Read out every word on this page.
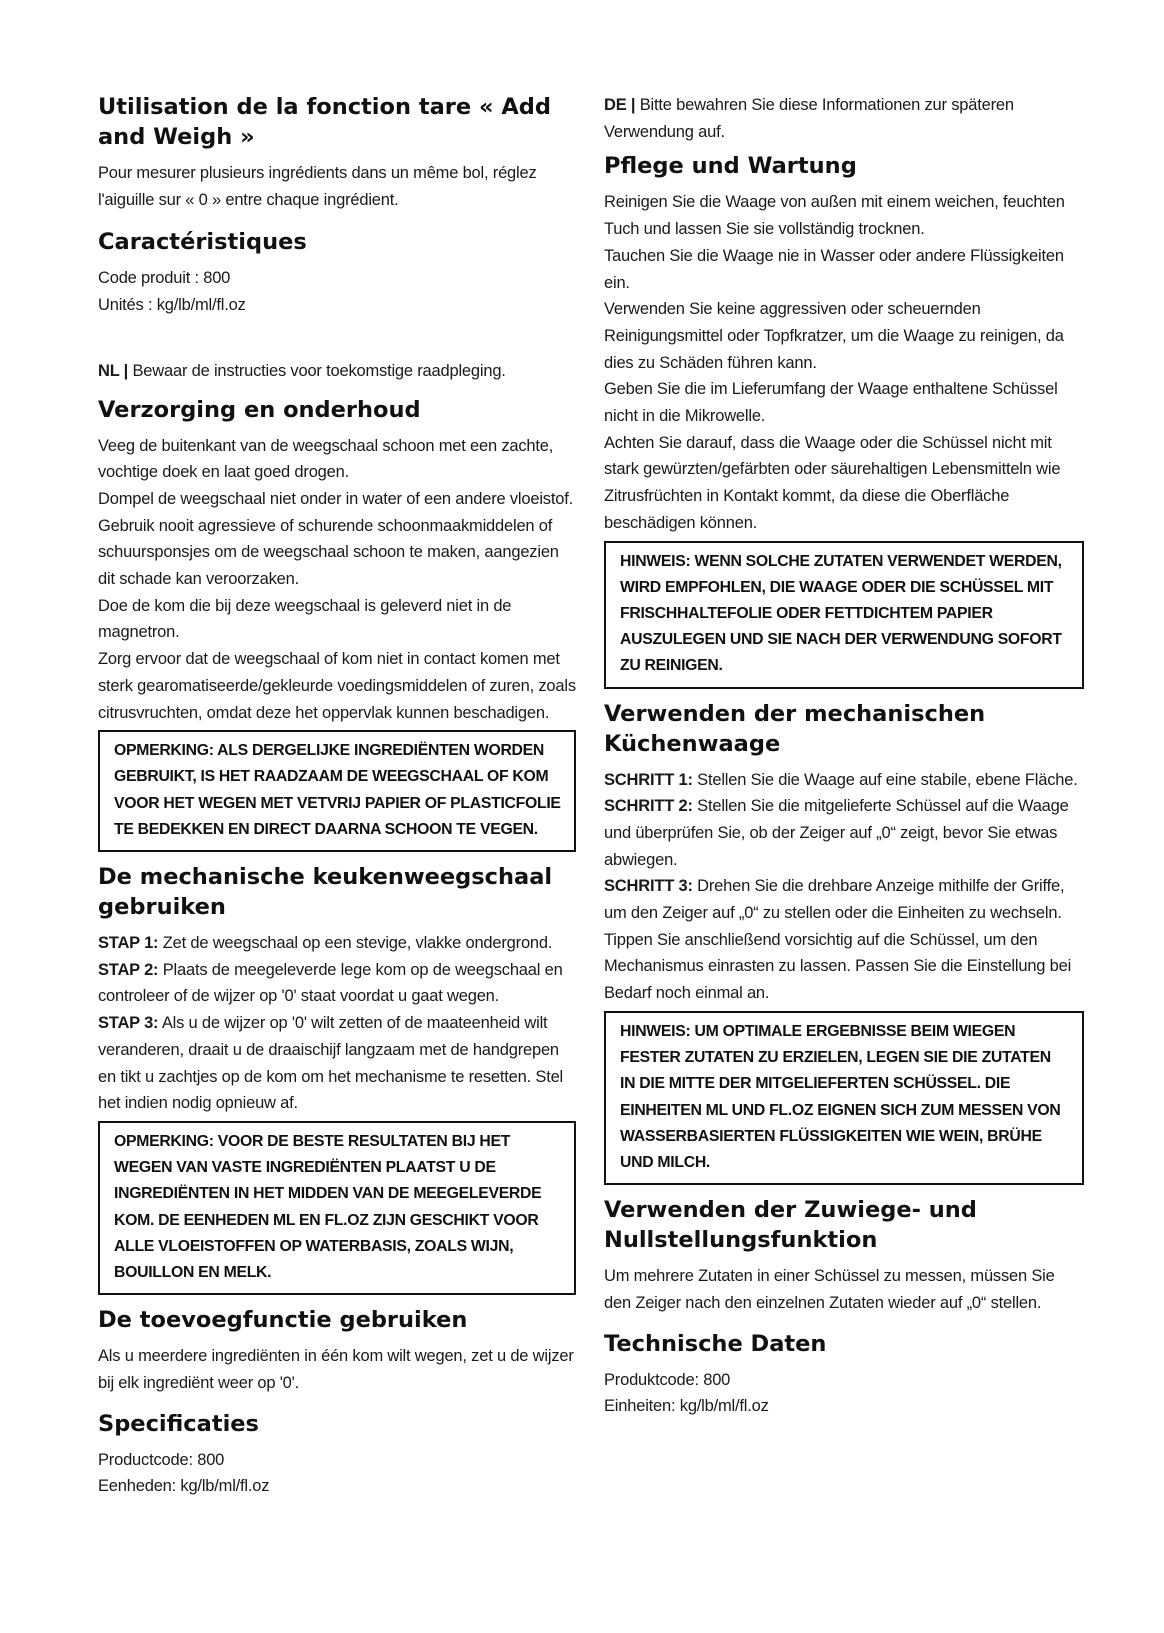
Utilisation de la fonction tare « Add and Weigh »

Pour mesurer plusieurs ingrédients dans un même bol, réglez l'aiguille sur « 0 » entre chaque ingrédient.

Caractéristiques

Code produit : 800

Unités : kg/lb/ml/fl.oz

NL | Bewaar de instructies voor toekomstige raadpleging.

Verzorging en onderhoud

Veeg de buitenkant van de weegschaal schoon met een zachte, vochtige doek en laat goed drogen.

Dompel de weegschaal niet onder in water of een andere vloeistof.

Gebruik nooit agressieve of schurende schoonmaakmiddelen of schuursponsjes om de weegschaal schoon te maken, aangezien dit schade kan veroorzaken.

Doe de kom die bij deze weegschaal is geleverd niet in de magnetron.

Zorg ervoor dat de weegschaal of kom niet in contact komen met sterk gearomatiseerde/gekleurde voedingsmiddelen of zuren, zoals citrusvruchten, omdat deze het oppervlak kunnen beschadigen.

OPMERKING: ALS DERGELIJKE INGREDIËNTEN WORDEN GEBRUIKT, IS HET RAADZAAM DE WEEGSCHAAL OF KOM VOOR HET WEGEN MET VETVRIJ PAPIER OF PLASTICFOLIE TE BEDEKKEN EN DIRECT DAARNA SCHOON TE VEGEN.
De mechanische keukenweegschaal gebruiken

STAP 1: Zet de weegschaal op een stevige, vlakke ondergrond.

STAP 2: Plaats de meegeleverde lege kom op de weegschaal en controleer of de wijzer op '0' staat voordat u gaat wegen.

STAP 3: Als u de wijzer op '0' wilt zetten of de maateenheid wilt veranderen, draait u de draaischijf langzaam met de handgrepen en tikt u zachtjes op de kom om het mechanisme te resetten. Stel het indien nodig opnieuw af.

OPMERKING: VOOR DE BESTE RESULTATEN BIJ HET WEGEN VAN VASTE INGREDIËNTEN PLAATST U DE INGREDIËNTEN IN HET MIDDEN VAN DE MEEGELEVERDE KOM. DE EENHEDEN ML EN FL.OZ ZIJN GESCHIKT VOOR ALLE VLOEISTOFFEN OP WATERBASIS, ZOALS WIJN, BOUILLON EN MELK.
De toevoegfunctie gebruiken

Als u meerdere ingrediënten in één kom wilt wegen, zet u de wijzer bij elk ingrediënt weer op '0'.

Specificaties

Productcode: 800

Eenheden: kg/lb/ml/fl.oz

DE | Bitte bewahren Sie diese Informationen zur späteren Verwendung auf.

Pflege und Wartung

Reinigen Sie die Waage von außen mit einem weichen, feuchten Tuch und lassen Sie sie vollständig trocknen.

Tauchen Sie die Waage nie in Wasser oder andere Flüssigkeiten ein.

Verwenden Sie keine aggressiven oder scheuernden Reinigungsmittel oder Topfkratzer, um die Waage zu reinigen, da dies zu Schäden führen kann.

Geben Sie die im Lieferumfang der Waage enthaltene Schüssel nicht in die Mikrowelle.

Achten Sie darauf, dass die Waage oder die Schüssel nicht mit stark gewürzten/gefärbten oder säurehaltigen Lebensmitteln wie Zitrusfrüchten in Kontakt kommt, da diese die Oberfläche beschädigen können.

HINWEIS: WENN SOLCHE ZUTATEN VERWENDET WERDEN, WIRD EMPFOHLEN, DIE WAAGE ODER DIE SCHÜSSEL MIT FRISCHHALTEFOLIE ODER FETTDICHTEM PAPIER AUSZULEGEN UND SIE NACH DER VERWENDUNG SOFORT ZU REINIGEN.
Verwenden der mechanischen Küchenwaage

SCHRITT 1: Stellen Sie die Waage auf eine stabile, ebene Fläche.

SCHRITT 2: Stellen Sie die mitgelieferte Schüssel auf die Waage und überprüfen Sie, ob der Zeiger auf „0“ zeigt, bevor Sie etwas abwiegen.

SCHRITT 3: Drehen Sie die drehbare Anzeige mithilfe der Griffe, um den Zeiger auf „0“ zu stellen oder die Einheiten zu wechseln. Tippen Sie anschließend vorsichtig auf die Schüssel, um den Mechanismus einrasten zu lassen. Passen Sie die Einstellung bei Bedarf noch einmal an.

HINWEIS: UM OPTIMALE ERGEBNISSE BEIM WIEGEN FESTER ZUTATEN ZU ERZIELEN, LEGEN SIE DIE ZUTATEN IN DIE MITTE DER MITGELIEFERTEN SCHÜSSEL. DIE EINHEITEN ML UND FL.OZ EIGNEN SICH ZUM MESSEN VON WASSERBASIERTEN FLÜSSIGKEITEN WIE WEIN, BRÜHE UND MILCH.
Verwenden der Zuwiege- und Nullstellungsfunktion

Um mehrere Zutaten in einer Schüssel zu messen, müssen Sie den Zeiger nach den einzelnen Zutaten wieder auf „0“ stellen.

Technische Daten

Produktcode: 800

Einheiten: kg/lb/ml/fl.oz
